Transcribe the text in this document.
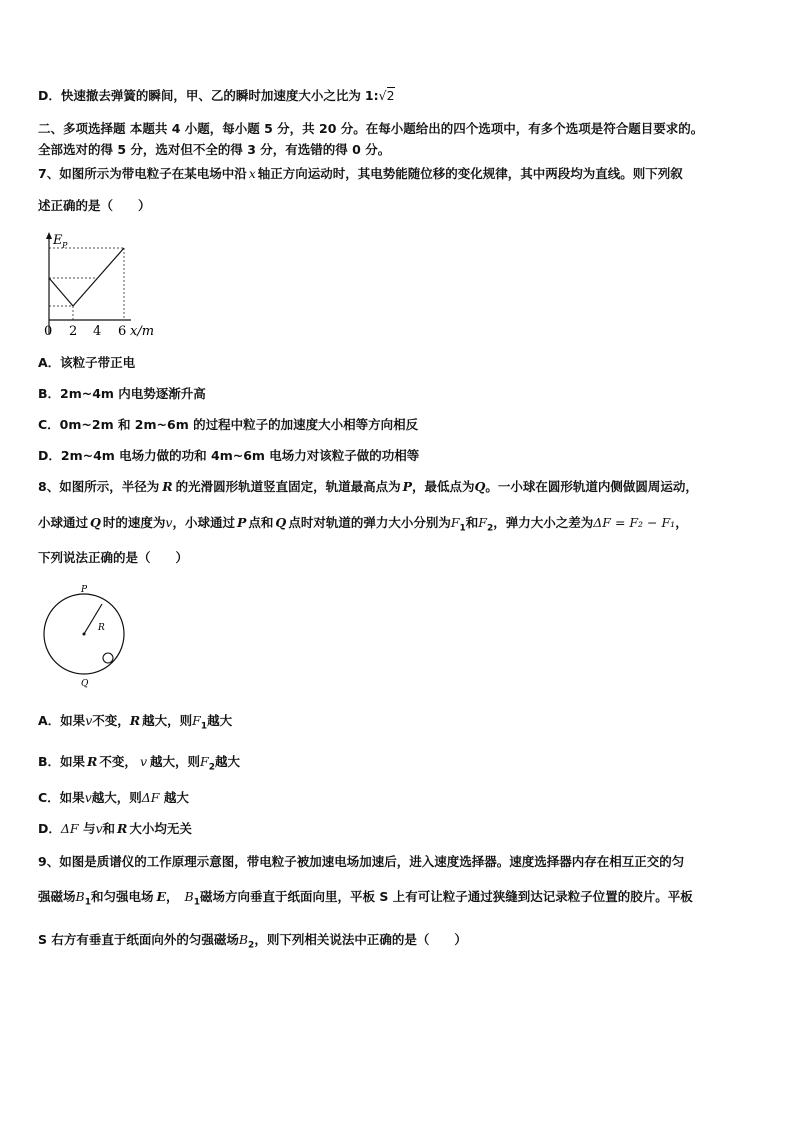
D．快速撤去弹簧的瞬间，甲、乙的瞬时加速度大小之比为 1:√2
二、多项选择题 本题共 4 小题，每小题 5 分，共 20 分。在每小题给出的四个选项中，有多个选项是符合题目要求的。
全部选对的得 5 分，选对但不全的得 3 分，有选错的得 0 分。
7、如图所示为带电粒子在某电场中沿 x 轴正方向运动时，其电势能随位移的变化规律，其中两段均为直线。则下列叙
述正确的是（　　）
E P
0 2 4 6 x/m
A．该粒子带正电
B．2m~4m 内电势逐渐升高
C．0m~2m 和 2m~6m 的过程中粒子的加速度大小相等方向相反
D．2m~4m 电场力做的功和 4m~6m 电场力对该粒子做的功相等
8、如图所示，半径为 R 的光滑圆形轨道竖直固定，轨道最高点为 P，最低点为Q。一小球在圆形轨道内侧做圆周运动，
小球通过 Q 时的速度为v，小球通过 P 点和 Q 点时对轨道的弹力大小分别为$F_1$和$F_2$，弹力大小之差为ΔF = F₂ − F₁，
下列说法正确的是（　　）
P
R
Q
A．如果v不变，R 越大，则$F_1$越大
B．如果 R 不变， v 越大，则$F_2$越大
C．如果v越大，则ΔF 越大
D．ΔF 与v和 R 大小均无关
9、如图是质谱仪的工作原理示意图，带电粒子被加速电场加速后，进入速度选择器。速度选择器内存在相互正交的匀
强磁场$B_1$和匀强电场 E， $B_1$磁场方向垂直于纸面向里，平板 S 上有可让粒子通过狭缝到达记录粒子位置的胶片。平板
S 右方有垂直于纸面向外的匀强磁场$B_2$，则下列相关说法中正确的是（　　）
